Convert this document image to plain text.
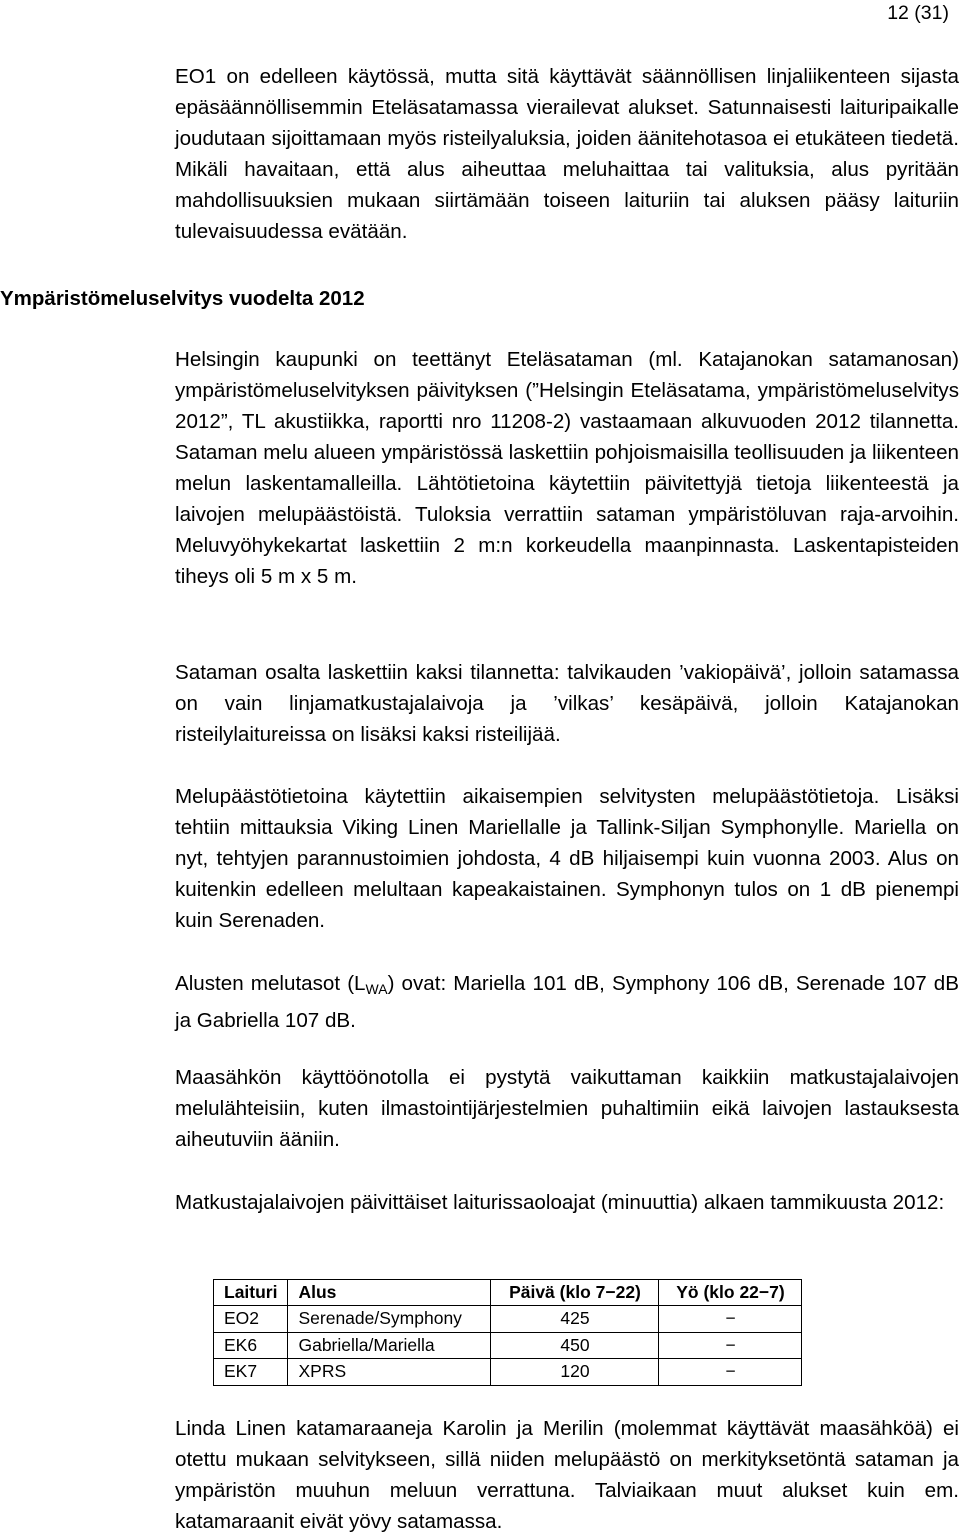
12 (31)

EO1 on edelleen käytössä, mutta sitä käyttävät säännöllisen linjaliikenteen sijasta epäsäännöllisemmin Eteläsatamassa vierailevat alukset. Satunnaisesti laituripaikalle joudutaan sijoittamaan myös risteilyaluksia, joiden äänitehotasoa ei etukäteen tiedetä. Mikäli havaitaan, että alus aiheuttaa meluhaittaa tai valituksia, alus pyritään mahdollisuuksien mukaan siirtämään toiseen laituriin tai aluksen pääsy laituriin tulevaisuudessa evätään.

Ympäristömeluselvitys vuodelta 2012

Helsingin kaupunki on teettänyt Eteläsataman (ml. Katajanokan satamanosan) ympäristömeluselvityksen päivityksen (”Helsingin Eteläsatama, ympäristömeluselvitys 2012”, TL akustiikka, raportti nro 11208-2) vastaamaan alkuvuoden 2012 tilannetta. Sataman melu alueen ympäristössä laskettiin pohjoismaisilla teollisuuden ja liikenteen melun laskentamalleilla. Lähtötietoina käytettiin päivitettyjä tietoja liikenteestä ja laivojen melupäästöistä. Tuloksia verrattiin sataman ympäristöluvan raja-arvoihin. Meluvyöhykekartat laskettiin 2 m:n korkeudella maanpinnasta. Laskentapisteiden tiheys oli 5 m x 5 m.

Sataman osalta laskettiin kaksi tilannetta: talvikauden ’vakiopäivä’, jolloin satamassa on vain linjamatkustajalaivoja ja ’vilkas’ kesäpäivä, jolloin Katajanokan risteilylaitureissa on lisäksi kaksi risteilijää.

Melupäästötietoina käytettiin aikaisempien selvitysten melupäästötietoja. Lisäksi tehtiin mittauksia Viking Linen Mariellalle ja Tallink-Siljan Symphonylle. Mariella on nyt, tehtyjen parannustoimien johdosta, 4 dB hiljaisempi kuin vuonna 2003. Alus on kuitenkin edelleen melultaan kapeakaistainen. Symphonyn tulos on 1 dB pienempi kuin Serenaden.

Alusten melutasot $(L_{WA})$ ovat: Mariella 101 dB, Symphony 106 dB, Serenade 107 dB ja Gabriella 107 dB.

Maasähkön käyttöönotolla ei pystytä vaikuttaman kaikkiin matkustajalaivojen melulähteisiin, kuten ilmastointijärjestelmien puhaltimiin eikä laivojen lastauksesta aiheutuviin ääniin.

Matkustajalaivojen päivittäiset laiturissaoloajat (minuuttia) alkaen tammikuusta 2012:

Laituri	Alus	Päivä (klo 7−22)	Yö (klo 22−7)
EO2	Serenade/Symphony	425	−
EK6	Gabriella/Mariella	450	−
EK7	XPRS	120	−

Linda Linen katamaraaneja Karolin ja Merilin (molemmat käyttävät maasähköä) ei otettu mukaan selvitykseen, sillä niiden melupäästö on merkityksetöntä sataman ja ympäristön muuhun meluun verrattuna. Talviaikaan muut alukset kuin em. katamaraanit eivät yövy satamassa.
